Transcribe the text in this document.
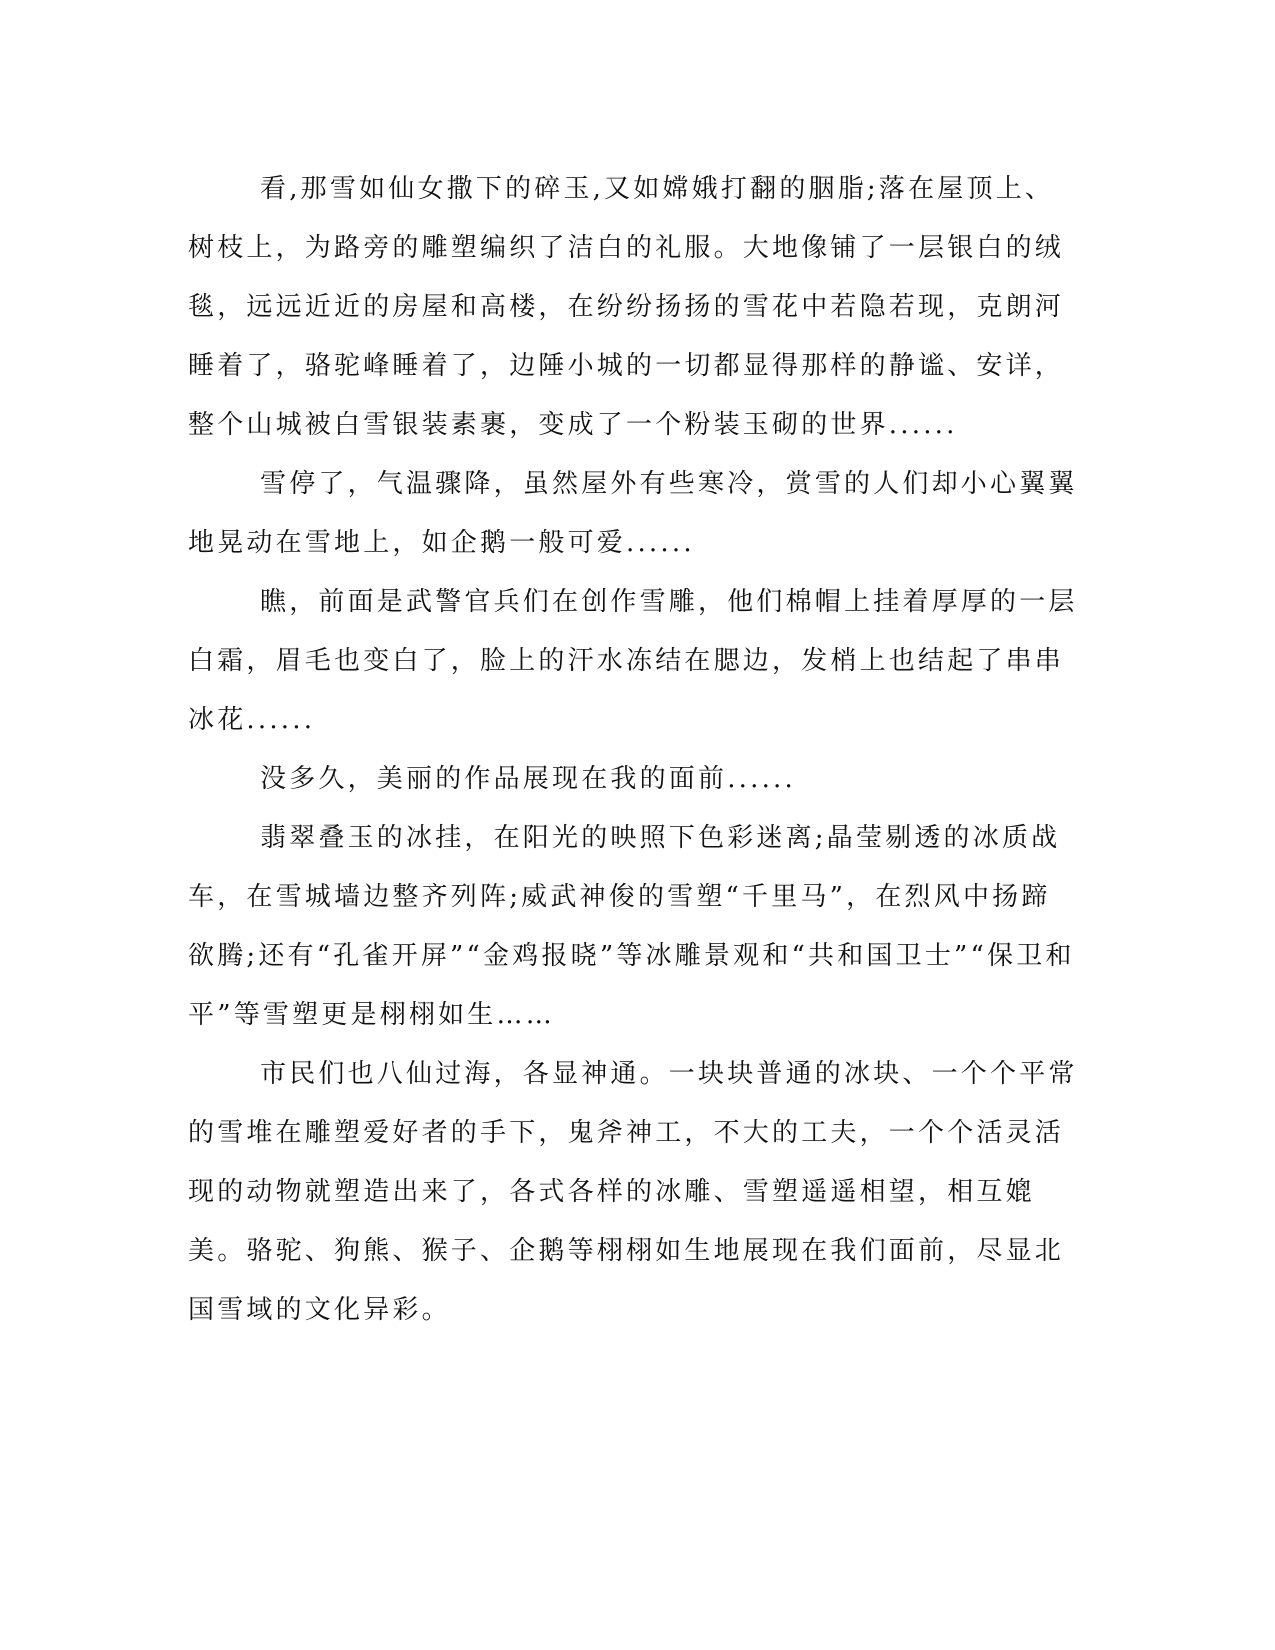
看,那雪如仙女撒下的碎玉,又如嫦娥打翻的胭脂;落在屋顶上、树枝上，为路旁的雕塑编织了洁白的礼服。大地像铺了一层银白的绒毯，远远近近的房屋和高楼，在纷纷扬扬的雪花中若隐若现，克朗河睡着了，骆驼峰睡着了，边陲小城的一切都显得那样的静谧、安详，整个山城被白雪银装素裹，变成了一个粉装玉砌的世界......

雪停了，气温骤降，虽然屋外有些寒冷，赏雪的人们却小心翼翼地晃动在雪地上，如企鹅一般可爱......

瞧，前面是武警官兵们在创作雪雕，他们棉帽上挂着厚厚的一层白霜，眉毛也变白了，脸上的汗水冻结在腮边，发梢上也结起了串串冰花......

没多久，美丽的作品展现在我的面前......

翡翠叠玉的冰挂，在阳光的映照下色彩迷离;晶莹剔透的冰质战车，在雪城墙边整齐列阵;威武神俊的雪塑“千里马”，在烈风中扬蹄欲腾;还有“孔雀开屏”“金鸡报晓”等冰雕景观和“共和国卫士”“保卫和平”等雪塑更是栩栩如生……

市民们也八仙过海，各显神通。一块块普通的冰块、一个个平常的雪堆在雕塑爱好者的手下，鬼斧神工，不大的工夫，一个个活灵活现的动物就塑造出来了，各式各样的冰雕、雪塑遥遥相望，相互媲美。骆驼、狗熊、猴子、企鹅等栩栩如生地展现在我们面前，尽显北国雪域的文化异彩。
